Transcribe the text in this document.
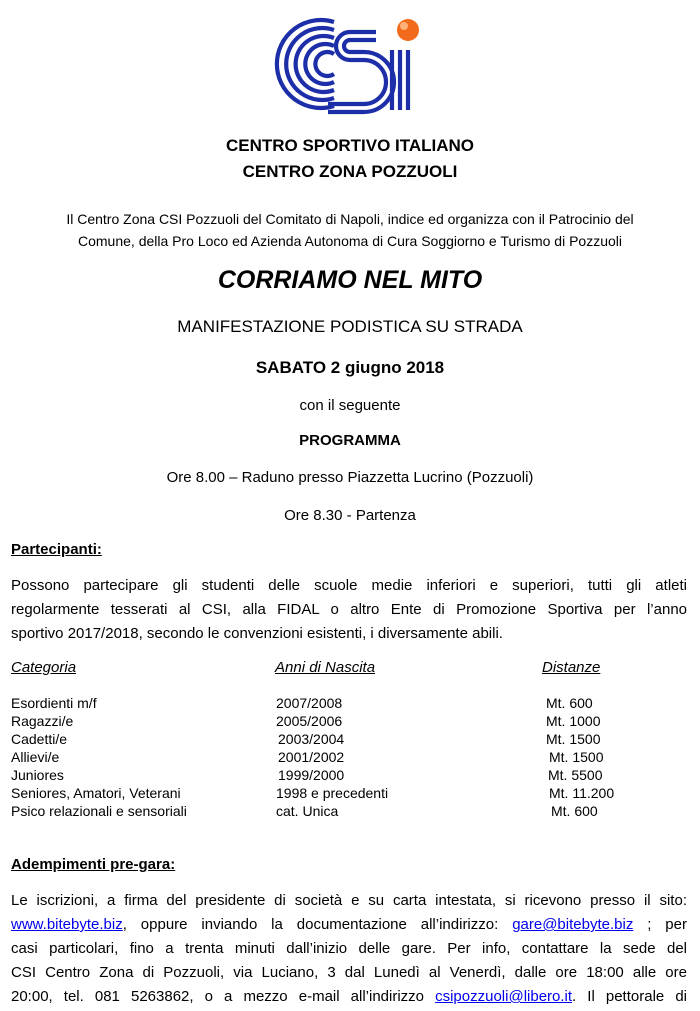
CENTRO SPORTIVO ITALIANO
CENTRO ZONA POZZUOLI
Il Centro Zona CSI Pozzuoli del Comitato di Napoli, indice ed organizza con il Patrocinio del
Comune, della Pro Loco ed Azienda Autonoma di Cura Soggiorno e Turismo di Pozzuoli
CORRIAMO NEL MITO
MANIFESTAZIONE PODISTICA SU STRADA
SABATO 2 giugno 2018
con il seguente
PROGRAMMA
Ore 8.00 – Raduno presso Piazzetta Lucrino (Pozzuoli)
Ore 8.30 - Partenza
Partecipanti:
Possono partecipare gli studenti delle scuole medie inferiori e superiori, tutti gli atleti
regolarmente tesserati al CSI, alla FIDAL o altro Ente di Promozione Sportiva per l’anno
sportivo 2017/2018, secondo le convenzioni esistenti, i diversamente abili.
Categoria	Anni di Nascita	Distanze
Esordienti m/f	2007/2008	Mt. 600
Ragazzi/e	2005/2006	Mt. 1000
Cadetti/e	2003/2004	Mt. 1500
Allievi/e	2001/2002	Mt. 1500
Juniores	1999/2000	Mt. 5500
Seniores, Amatori, Veterani	1998 e precedenti	Mt. 11.200
Psico relazionali e sensoriali	cat. Unica	Mt. 600
Adempimenti pre-gara:
Le iscrizioni, a firma del presidente di società e su carta intestata, si ricevono presso il sito:
www.bitebyte.biz, oppure inviando la documentazione all’indirizzo: gare@bitebyte.biz ; per
casi particolari, fino a trenta minuti dall’inizio delle gare. Per info, contattare la sede del
CSI Centro Zona di Pozzuoli, via Luciano, 3 dal Lunedì al Venerdì, dalle ore 18:00 alle ore
20:00, tel. 081 5263862, o a mezzo e-mail all’indirizzo csipozzuoli@libero.it. Il pettorale di
